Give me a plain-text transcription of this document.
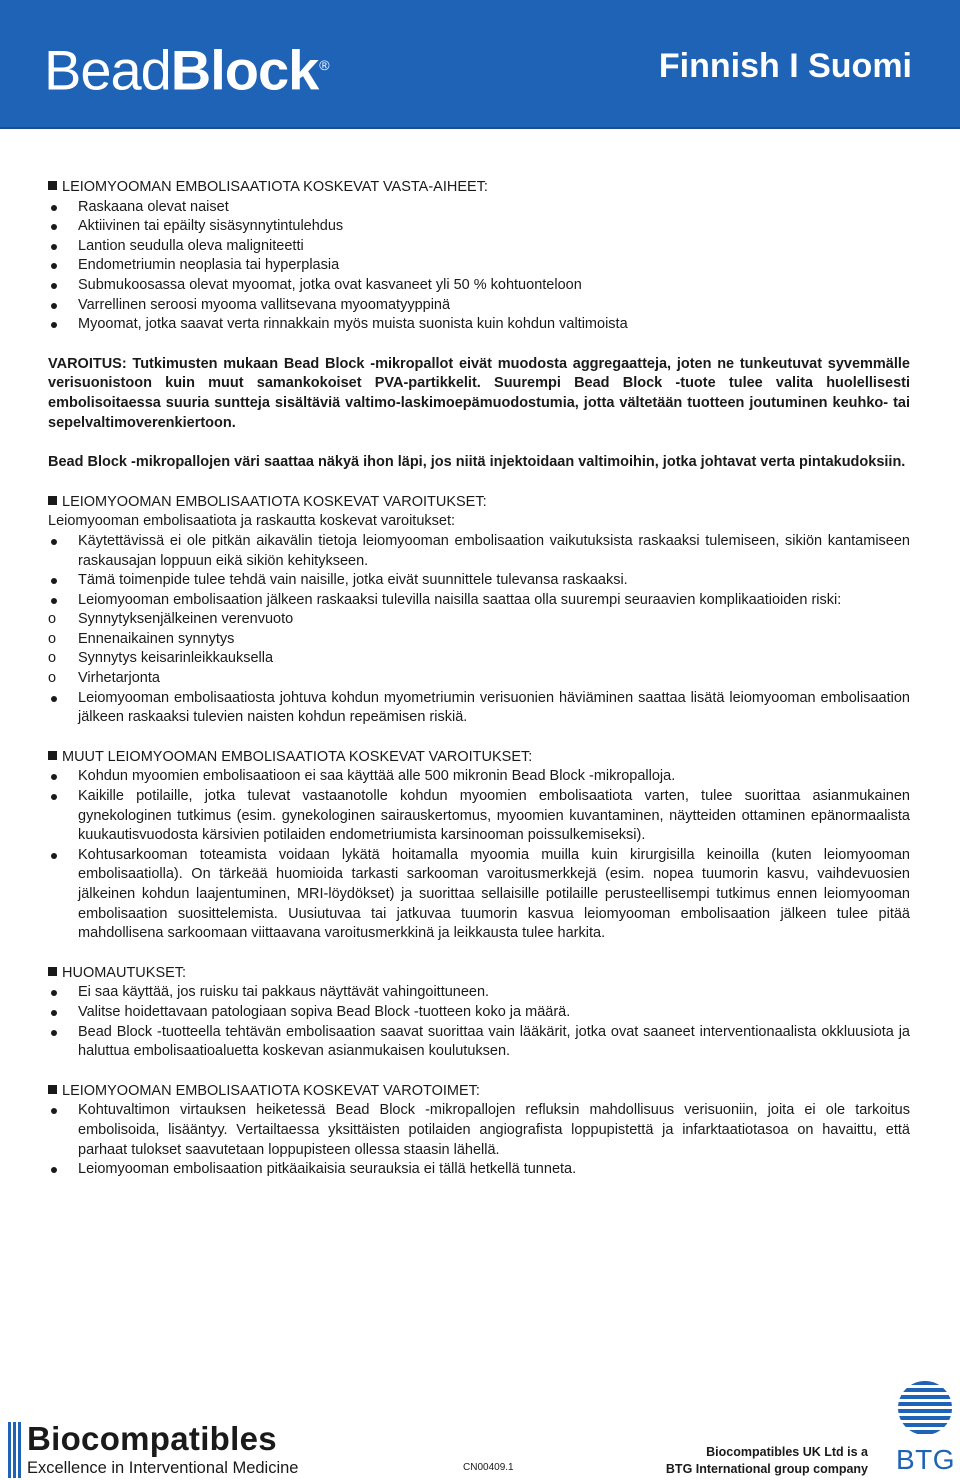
BeadBlock®	Finnish I Suomi

LEIOMYOOMAN EMBOLISAATIOTA KOSKEVAT VASTA-AIHEET:

Raskaana olevat naiset
Aktiivinen tai epäilty sisäsynnytintulehdus
Lantion seudulla oleva maligniteetti
Endometriumin neoplasia tai hyperplasia
Submukoosassa olevat myoomat, jotka ovat kasvaneet yli 50 % kohtuonteloon
Varrellinen seroosi myooma vallitsevana myoomatyyppinä
Myoomat, jotka saavat verta rinnakkain myös muista suonista kuin kohdun valtimoista

VAROITUS: Tutkimusten mukaan Bead Block -mikropallot eivät muodosta aggregaatteja, joten ne tunkeutuvat syvemmälle verisuonistoon kuin muut samankokoiset PVA-partikkelit. Suurempi Bead Block -tuote tulee valita huolellisesti embolisoitaessa suuria suntteja sisältäviä valtimo-laskimoepämuodostumia, jotta vältetään tuotteen joutuminen keuhko- tai sepelvaltimoverenkiertoon.

Bead Block -mikropallojen väri saattaa näkyä ihon läpi, jos niitä injektoidaan valtimoihin, jotka johtavat verta pintakudoksiin.

LEIOMYOOMAN EMBOLISAATIOTA KOSKEVAT VAROITUKSET:

Leiomyooman embolisaatiota ja raskautta koskevat varoitukset:

Käytettävissä ei ole pitkän aikavälin tietoja leiomyooman embolisaation vaikutuksista raskaaksi tulemiseen, sikiön kantamiseen raskausajan loppuun eikä sikiön kehitykseen.
Tämä toimenpide tulee tehdä vain naisille, jotka eivät suunnittele tulevansa raskaaksi.
Leiomyooman embolisaation jälkeen raskaaksi tulevilla naisilla saattaa olla suurempi seuraavien komplikaatioiden riski:
o Synnytyksenjälkeinen verenvuoto
o Ennenaikainen synnytys
o Synnytys keisarinleikkauksella
o Virhetarjonta
Leiomyooman embolisaatiosta johtuva kohdun myometriumin verisuonien häviäminen saattaa lisätä leiomyooman embolisaation jälkeen raskaaksi tulevien naisten kohdun repeämisen riskiä.

MUUT LEIOMYOOMAN EMBOLISAATIOTA KOSKEVAT VAROITUKSET:

Kohdun myoomien embolisaatioon ei saa käyttää alle 500 mikronin Bead Block -mikropalloja.
Kaikille potilaille, jotka tulevat vastaanotolle kohdun myoomien embolisaatiota varten, tulee suorittaa asianmukainen gynekologinen tutkimus (esim. gynekologinen sairauskertomus, myoomien kuvantaminen, näytteiden ottaminen epänormaalista kuukautisvuodosta kärsivien potilaiden endometriumista karsinooman poissulkemiseksi).
Kohtusarkooman toteamista voidaan lykätä hoitamalla myoomia muilla kuin kirurgisilla keinoilla (kuten leiomyooman embolisaatiolla). On tärkeää huomioida tarkasti sarkooman varoitusmerkkejä (esim. nopea tuumorin kasvu, vaihdevuosien jälkeinen kohdun laajentuminen, MRI-löydökset) ja suorittaa sellaisille potilaille perusteellisempi tutkimus ennen leiomyooman embolisaation suosittelemista. Uusiutuvaa tai jatkuvaa tuumorin kasvua leiomyooman embolisaation jälkeen tulee pitää mahdollisena sarkoomaan viittaavana varoitusmerkkinä ja leikkausta tulee harkita.

HUOMAUTUKSET:

Ei saa käyttää, jos ruisku tai pakkaus näyttävät vahingoittuneen.
Valitse hoidettavaan patologiaan sopiva Bead Block -tuotteen koko ja määrä.
Bead Block -tuotteella tehtävän embolisaation saavat suorittaa vain lääkärit, jotka ovat saaneet interventionaalista okkluusiota ja haluttua embolisaatioaluetta koskevan asianmukaisen koulutuksen.

LEIOMYOOMAN EMBOLISAATIOTA KOSKEVAT VAROTOIMET:

Kohtuvaltimon virtauksen heiketessä Bead Block -mikropallojen refluksin mahdollisuus verisuoniin, joita ei ole tarkoitus embolisoida, lisääntyy. Vertailtaessa yksittäisten potilaiden angiografista loppupistettä ja infarktaatiotasoa on havaittu, että parhaat tulokset saavutetaan loppupisteen ollessa staasin lähellä.
Leiomyooman embolisaation pitkäaikaisia seurauksia ei tällä hetkellä tunneta.
Biocompatibles
Excellence in Interventional Medicine	CN00409.1
Biocompatibles UK Ltd is a
BTG International group company BTG
